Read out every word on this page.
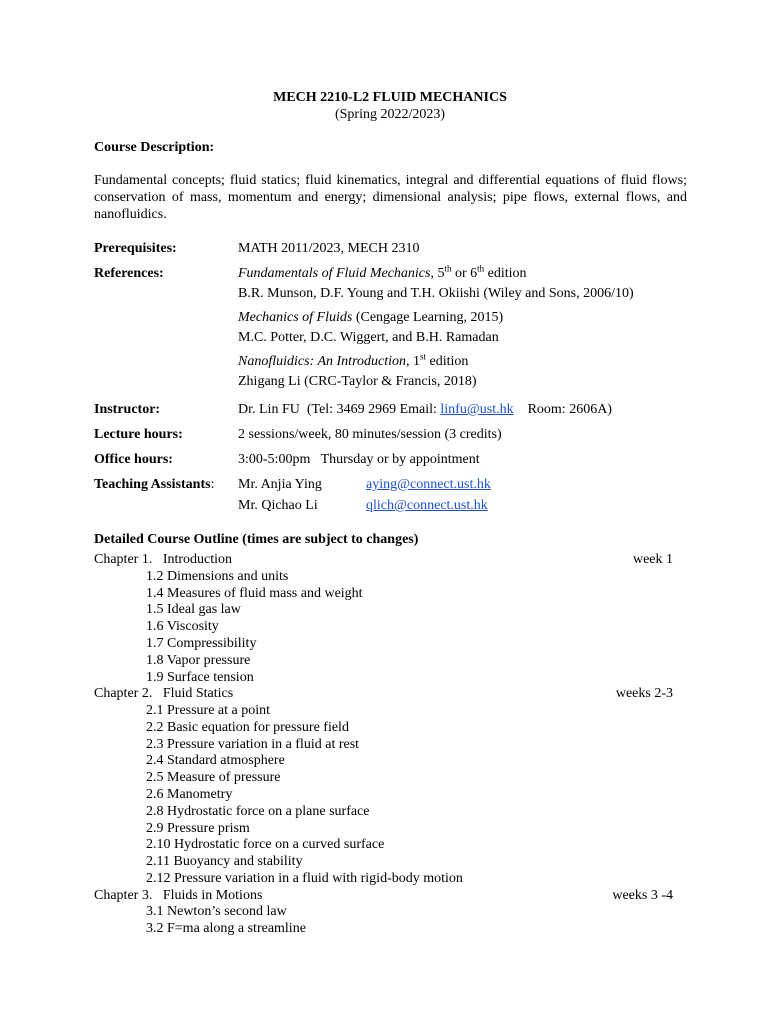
MECH 2210-L2 FLUID MECHANICS
(Spring 2022/2023)
Course Description:
Fundamental concepts; fluid statics; fluid kinematics, integral and differential equations of fluid flows; conservation of mass, momentum and energy; dimensional analysis; pipe flows, external flows, and nanofluidics.
Prerequisites:	MATH 2011/2023, MECH 2310
References:	Fundamentals of Fluid Mechanics, 5th or 6th edition
B.R. Munson, D.F. Young and T.H. Okiishi (Wiley and Sons, 2006/10)
Mechanics of Fluids (Cengage Learning, 2015)
M.C. Potter, D.C. Wiggert, and B.H. Ramadan
Nanofluidics: An Introduction, 1st edition
Zhigang Li (CRC-Taylor & Francis, 2018)
Instructor:	Dr. Lin FU  (Tel: 3469 2969 Email: linfu@ust.hk    Room: 2606A)
Lecture hours:	2 sessions/week, 80 minutes/session (3 credits)
Office hours:	3:00-5:00pm   Thursday or by appointment
Teaching Assistants: Mr. Anjia Ying	aying@connect.ust.hk
Mr. Qichao Li	qlich@connect.ust.hk
Detailed Course Outline (times are subject to changes)
Chapter 1.   Introduction	week 1
1.2 Dimensions and units
1.4 Measures of fluid mass and weight
1.5 Ideal gas law
1.6 Viscosity
1.7 Compressibility
1.8 Vapor pressure
1.9 Surface tension
Chapter 2.   Fluid Statics	weeks 2-3
2.1 Pressure at a point
2.2 Basic equation for pressure field
2.3 Pressure variation in a fluid at rest
2.4 Standard atmosphere
2.5 Measure of pressure
2.6 Manometry
2.8 Hydrostatic force on a plane surface
2.9 Pressure prism
2.10 Hydrostatic force on a curved surface
2.11 Buoyancy and stability
2.12 Pressure variation in a fluid with rigid-body motion
Chapter 3.   Fluids in Motions	weeks 3 -4
3.1 Newton’s second law
3.2 F=ma along a streamline
